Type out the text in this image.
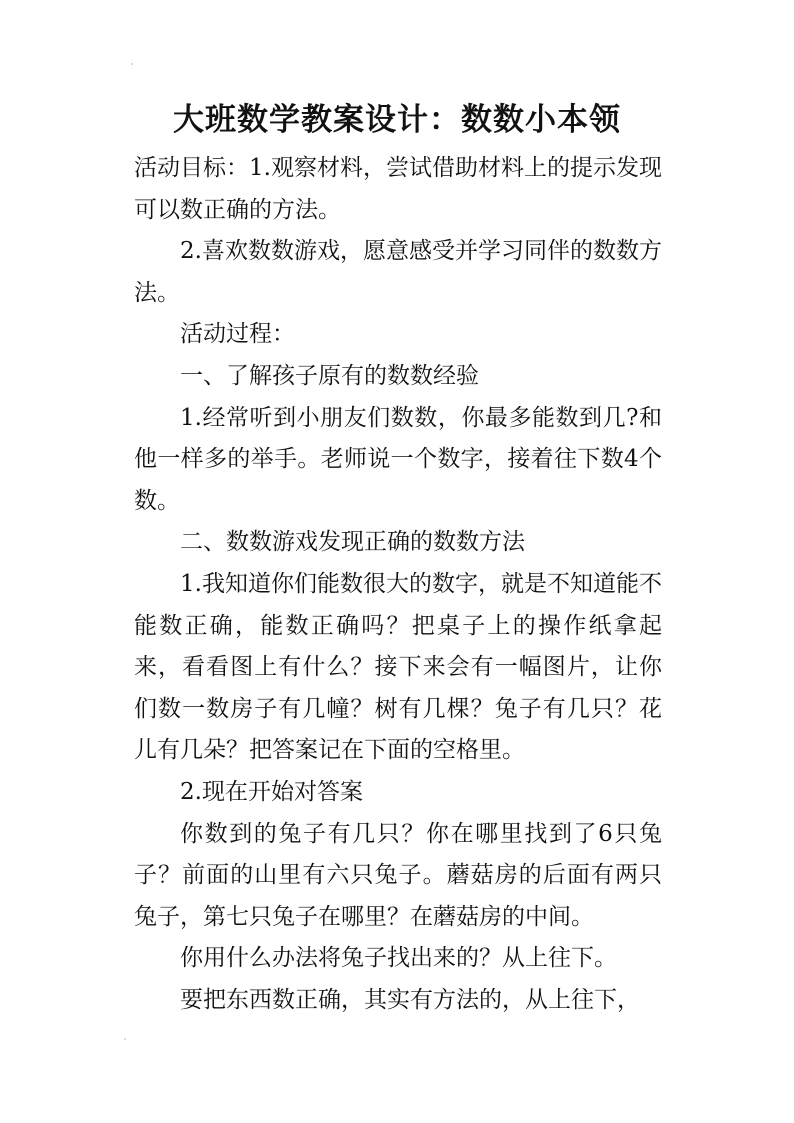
大班数学教案设计：数数小本领

活动目标：1.观察材料，尝试借助材料上的提示发现可以数正确的方法。

2.喜欢数数游戏，愿意感受并学习同伴的数数方法。

活动过程：

一、了解孩子原有的数数经验

1.经常听到小朋友们数数，你最多能数到几?和他一样多的举手。老师说一个数字，接着往下数4个数。

二、数数游戏发现正确的数数方法

1.我知道你们能数很大的数字，就是不知道能不能数正确，能数正确吗？把桌子上的操作纸拿起来，看看图上有什么？接下来会有一幅图片，让你们数一数房子有几幢？树有几棵？兔子有几只？花儿有几朵？把答案记在下面的空格里。

2.现在开始对答案

你数到的兔子有几只？你在哪里找到了6只兔子？前面的山里有六只兔子。蘑菇房的后面有两只兔子，第七只兔子在哪里？在蘑菇房的中间。

你用什么办法将兔子找出来的？从上往下。

要把东西数正确，其实有方法的，从上往下，
